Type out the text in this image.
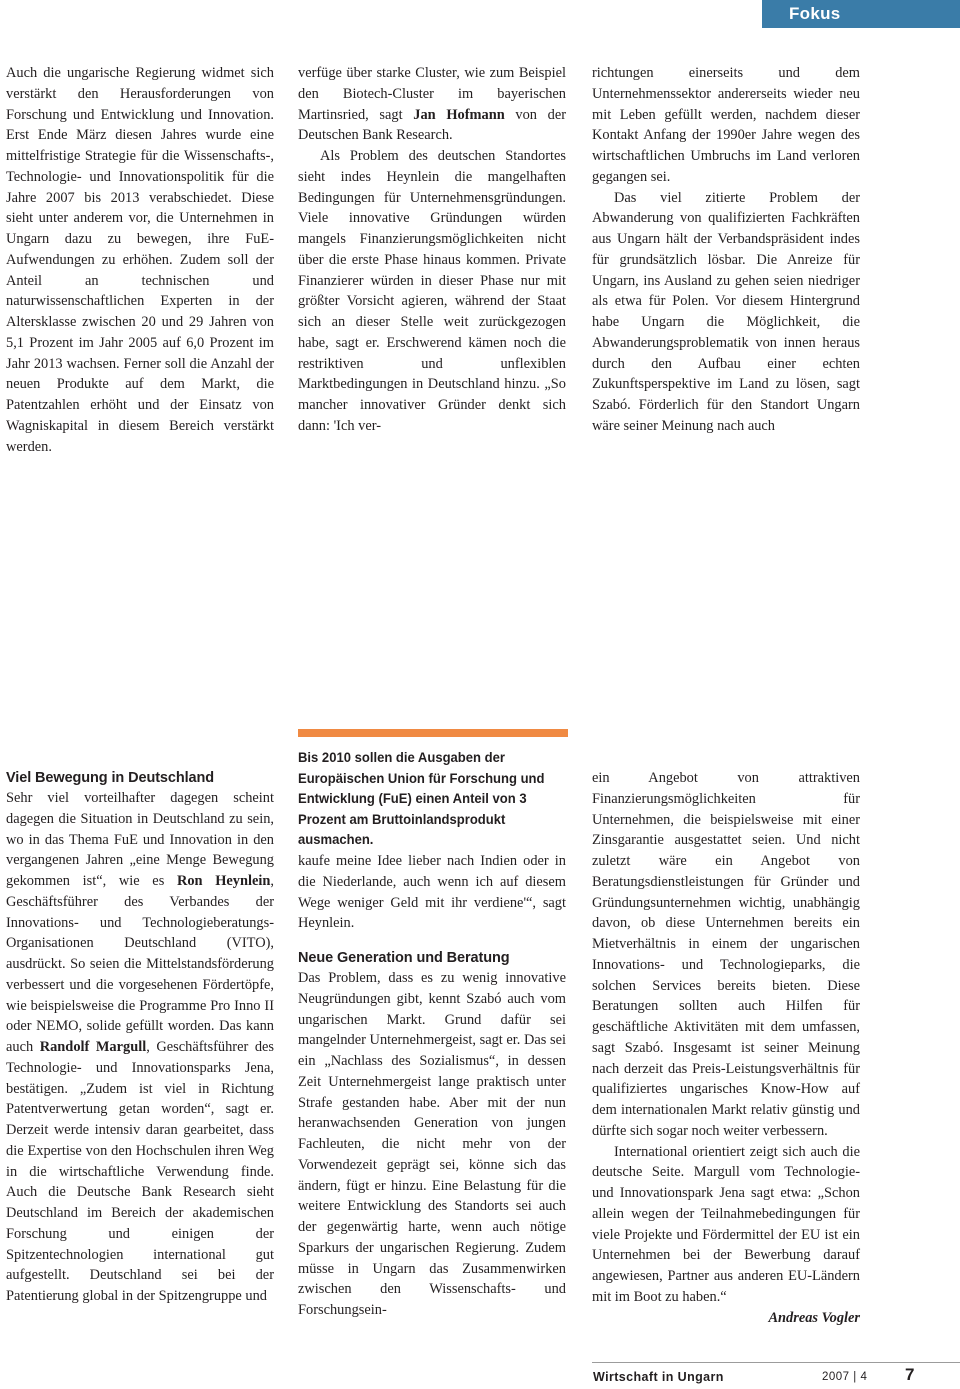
Fokus

Auch die ungarische Regierung widmet sich verstärkt den Herausforderungen von Forschung und Entwicklung und Innovation. Erst Ende März diesen Jahres wurde eine mittelfristige Strategie für die Wissenschafts-, Technologie- und Innovationspolitik für die Jahre 2007 bis 2013 verabschiedet. Diese sieht unter anderem vor, die Unternehmen in Ungarn dazu zu bewegen, ihre FuE-Aufwendungen zu erhöhen. Zudem soll der Anteil an technischen und naturwissenschaftlichen Experten in der Altersklasse zwischen 20 und 29 Jahren von 5,1 Prozent im Jahr 2005 auf 6,0 Prozent im Jahr 2013 wachsen. Ferner soll die Anzahl der neuen Produkte auf dem Markt, die Patentzahlen erhöht und der Einsatz von Wagniskapital in diesem Bereich verstärkt werden.

verfüge über starke Cluster, wie zum Beispiel den Biotech-Cluster im bayerischen Martinsried, sagt Jan Hofmann von der Deutschen Bank Research.

Als Problem des deutschen Standortes sieht indes Heynlein die mangelhaften Bedingungen für Unternehmensgründungen. Viele innovative Gründungen würden mangels Finanzierungsmöglichkeiten nicht über die erste Phase hinaus kommen. Private Finanzierer würden in dieser Phase nur mit größter Vorsicht agieren, während der Staat sich an dieser Stelle weit zurückgezogen habe, sagt er. Erschwerend kämen noch die restriktiven und unflexiblen Marktbedingungen in Deutschland hinzu. „So mancher innovativer Gründer denkt sich dann: 'Ich ver-

richtungen einerseits und dem Unternehmenssektor andererseits wieder neu mit Leben gefüllt werden, nachdem dieser Kontakt Anfang der 1990er Jahre wegen des wirtschaftlichen Umbruchs im Land verloren gegangen sei.

Das viel zitierte Problem der Abwanderung von qualifizierten Fachkräften aus Ungarn hält der Verbandspräsident indes für grundsätzlich lösbar. Die Anreize für Ungarn, ins Ausland zu gehen seien niedriger als etwa für Polen. Vor diesem Hintergrund habe Ungarn die Möglichkeit, die Abwanderungsproblematik von innen heraus durch den Aufbau einer echten Zukunftsperspektive im Land zu lösen, sagt Szabó. Förderlich für den Standort Ungarn wäre seiner Meinung nach auch

Viel Bewegung in Deutschland

Sehr viel vorteilhafter dagegen scheint dagegen die Situation in Deutschland zu sein, wo in das Thema FuE und Innovation in den vergangenen Jahren „eine Menge Bewegung gekommen ist“, wie es Ron Heynlein, Geschäftsführer des Verbandes der Innovations- und Technologieberatungs-Organisationen Deutschland (VITO), ausdrückt. So seien die Mittelstandsförderung verbessert und die vorgesehenen Fördertöpfe, wie beispielsweise die Programme Pro Inno II oder NEMO, solide gefüllt worden. Das kann auch Randolf Margull, Geschäftsführer des Technologie- und Innovationsparks Jena, bestätigen. „Zudem ist viel in Richtung Patentverwertung getan worden“, sagt er. Derzeit werde intensiv daran gearbeitet, dass die Expertise von den Hochschulen ihren Weg in die wirtschaftliche Verwendung finde. Auch die Deutsche Bank Research sieht Deutschland im Bereich der akademischen Forschung und einigen der Spitzentechnologien international gut aufgestellt. Deutschland sei bei der Patentierung global in der Spitzengruppe und

Bis 2010 sollen die Ausgaben der Europäischen Union für Forschung und Entwicklung (FuE) einen Anteil von 3 Prozent am Bruttoinlandsprodukt ausmachen.

kaufe meine Idee lieber nach Indien oder in die Niederlande, auch wenn ich auf diesem Wege weniger Geld mit ihr verdiene'“, sagt Heynlein.

Neue Generation und Beratung

Das Problem, dass es zu wenig innovative Neugründungen gibt, kennt Szabó auch vom ungarischen Markt. Grund dafür sei mangelnder Unternehmergeist, sagt er. Das sei ein „Nachlass des Sozialismus“, in dessen Zeit Unternehmergeist lange praktisch unter Strafe gestanden habe. Aber mit der nun heranwachsenden Generation von jungen Fachleuten, die nicht mehr von der Vorwendezeit geprägt sei, könne sich das ändern, fügt er hinzu. Eine Belastung für die weitere Entwicklung des Standorts sei auch der gegenwärtig harte, wenn auch nötige Sparkurs der ungarischen Regierung. Zudem müsse in Ungarn das Zusammenwirken zwischen den Wissenschafts- und Forschungsein-

ein Angebot von attraktiven Finanzierungsmöglichkeiten für Unternehmen, die beispielsweise mit einer Zinsgarantie ausgestattet seien. Und nicht zuletzt wäre ein Angebot von Beratungsdienstleistungen für Gründer und Gründungsunternehmen wichtig, unabhängig davon, ob diese Unternehmen bereits ein Mietverhältnis in einem der ungarischen Innovations- und Technologieparks, die solchen Services bereits bieten. Diese Beratungen sollten auch Hilfen für geschäftliche Aktivitäten mit dem umfassen, sagt Szabó. Insgesamt ist seiner Meinung nach derzeit das Preis-Leistungsverhältnis für qualifiziertes ungarisches Know-How auf dem internationalen Markt relativ günstig und dürfte sich sogar noch weiter verbessern.

International orientiert zeigt sich auch die deutsche Seite. Margull vom Technologie- und Innovationspark Jena sagt etwa: „Schon allein wegen der Teilnahmebedingungen für viele Projekte und Fördermittel der EU ist ein Unternehmen bei der Bewerbung darauf angewiesen, Partner aus anderen EU-Ländern mit im Boot zu haben.“

Andreas Vogler

Wirtschaft in Ungarn	2007 | 4 7
